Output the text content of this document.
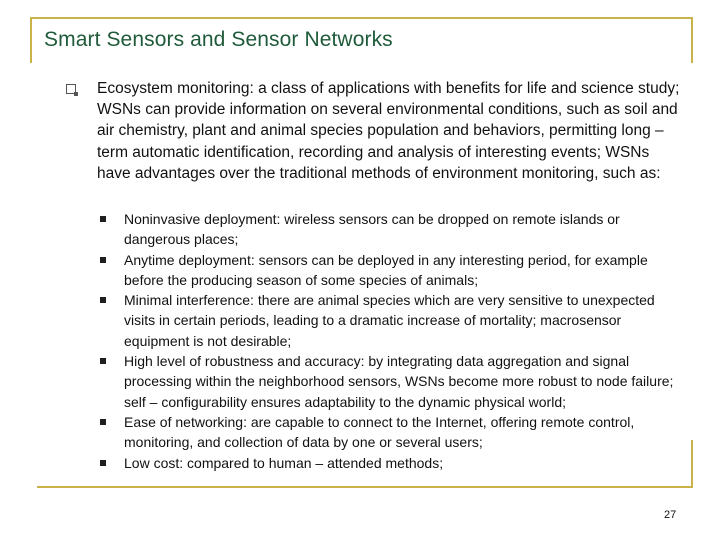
Smart Sensors and Sensor Networks
Ecosystem monitoring: a class of applications with benefits for life and science study; WSNs can provide information on several environmental conditions, such as soil and air chemistry, plant and animal species population and behaviors, permitting long – term automatic identification, recording and analysis of interesting events; WSNs have advantages over the traditional methods of environment monitoring, such as:
Noninvasive deployment: wireless sensors can be dropped on remote islands or dangerous places;
Anytime deployment: sensors can be deployed in any interesting period, for example before the producing season of some species of animals;
Minimal interference: there are animal species which are very sensitive to unexpected visits in certain periods, leading to a dramatic increase of mortality; macrosensor equipment is not desirable;
High level of robustness and accuracy: by integrating data aggregation and signal processing within the neighborhood sensors, WSNs become more robust to node failure; self – configurability ensures adaptability to the dynamic physical world;
Ease of networking: are capable to connect to the Internet, offering remote control, monitoring, and collection of data by one or several users;
Low cost: compared to human – attended methods;
27
